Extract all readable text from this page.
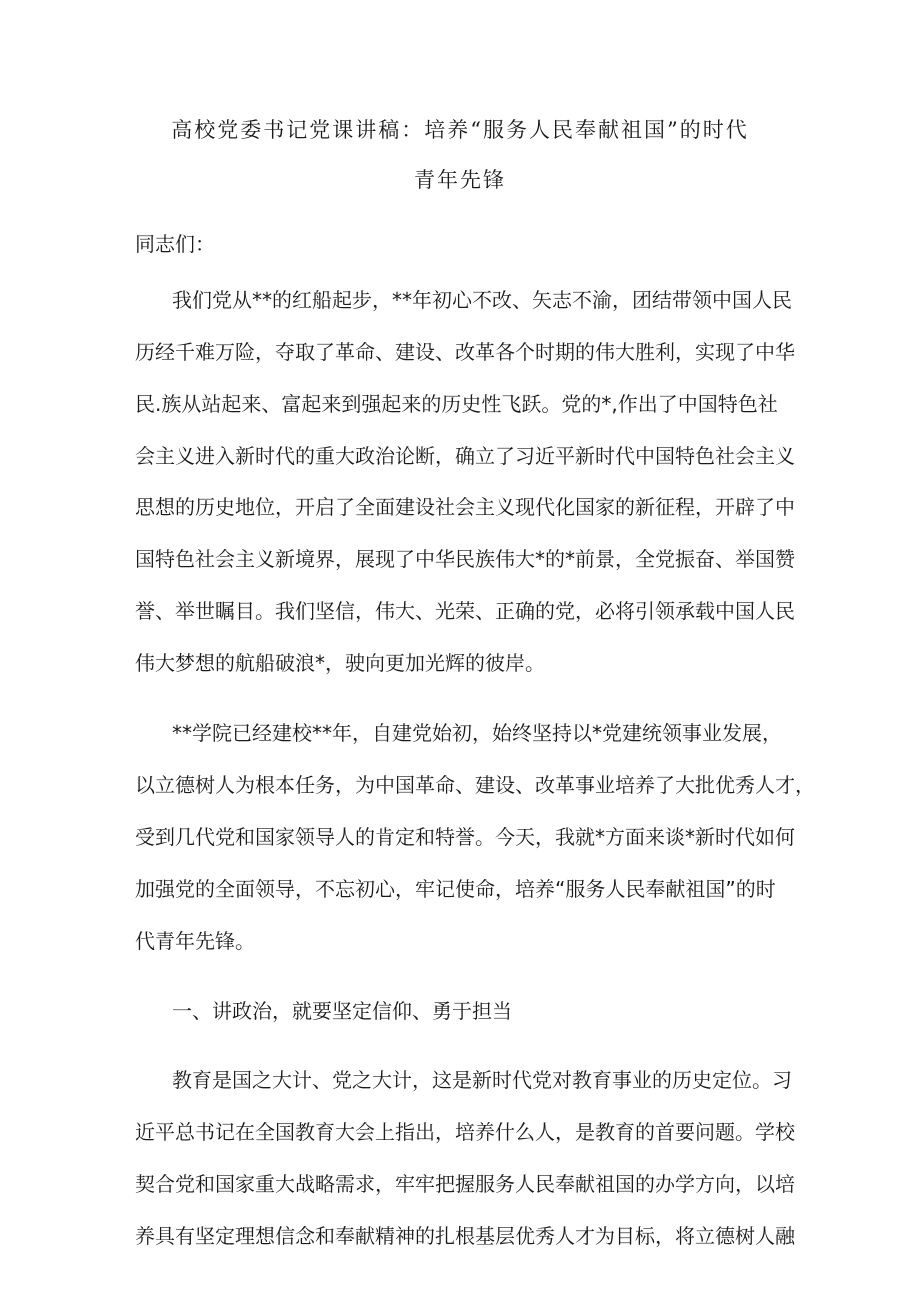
高校党委书记党课讲稿：培养“服务人民奉献祖国”的时代
青年先锋
同志们：
我们党从**的红船起步，**年初心不改、矢志不渝，团结带领中国人民
历经千难万险，夺取了革命、建设、改革各个时期的伟大胜利，实现了中华
民.族从站起来、富起来到强起来的历史性飞跃。党的*,作出了中国特色社
会主义进入新时代的重大政治论断，确立了习近平新时代中国特色社会主义
思想的历史地位，开启了全面建设社会主义现代化国家的新征程，开辟了中
国特色社会主义新境界，展现了中华民族伟大*的*前景，全党振奋、举国赞
誉、举世瞩目。我们坚信，伟大、光荣、正确的党，必将引领承载中国人民
伟大梦想的航船破浪*，驶向更加光辉的彼岸。
**学院已经建校**年，自建党始初，始终坚持以*党建统领事业发展，
以立德树人为根本任务，为中国革命、建设、改革事业培养了大批优秀人才，
受到几代党和国家领导人的肯定和特誉。今天，我就*方面来谈*新时代如何
加强党的全面领导，不忘初心，牢记使命，培养“服务人民奉献祖国”的时
代青年先锋。
一、讲政治，就要坚定信仰、勇于担当
教育是国之大计、党之大计，这是新时代党对教育事业的历史定位。习
近平总书记在全国教育大会上指出，培养什么人，是教育的首要问题。学校
契合党和国家重大战略需求，牢牢把握服务人民奉献祖国的办学方向，以培
养具有坚定理想信念和奉献精神的扎根基层优秀人才为目标，将立德树人融
